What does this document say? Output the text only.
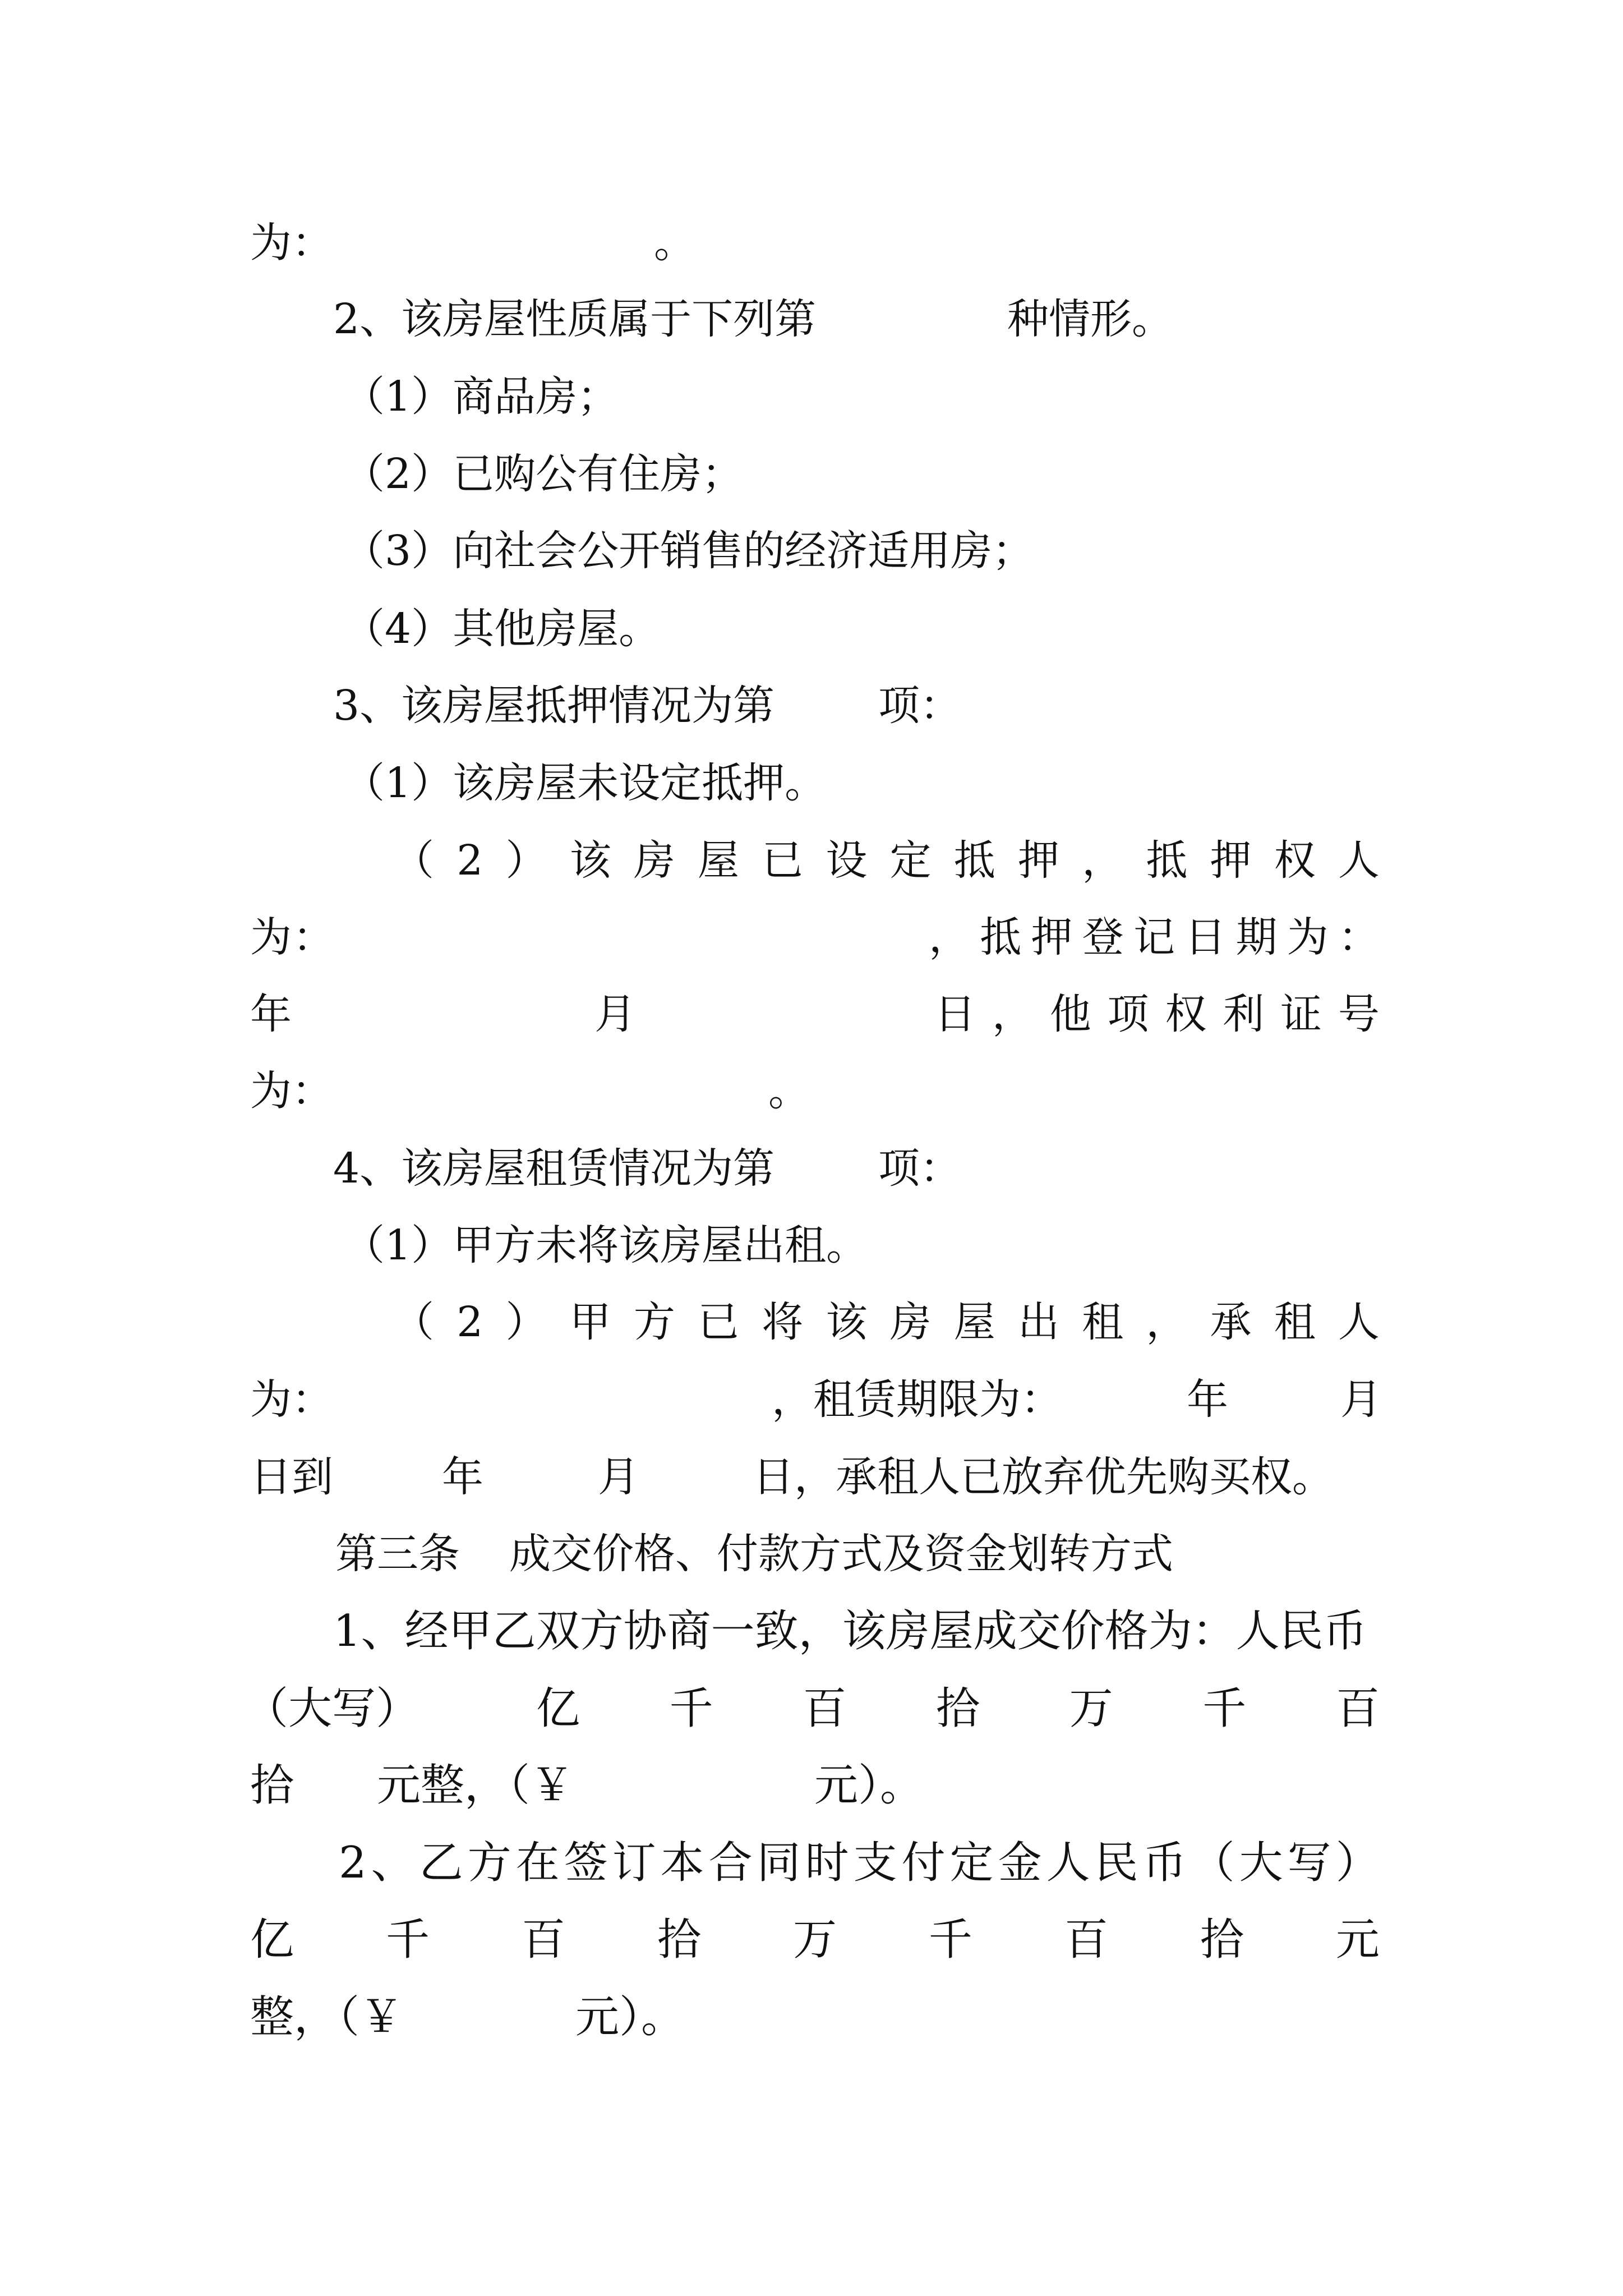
为：	。
2、该房屋性质属于下列第	种情形。
（1）商品房；
（2）已购公有住房；
（3）向社会公开销售的经济适用房；
（4）其他房屋。
3、该房屋抵押情况为第 项：
（1）该房屋未设定抵押。
（ 2 ） 该 房 屋 已 设 定 抵 押 ， 抵 押 权 人
为 ：	， 抵 押 登 记 日 期 为 ：
年	月	日 ， 他 项 权 利 证 号
为：	。
4、该房屋租赁情况为第 项：
（1）甲方未将该房屋出租。
（ 2 ） 甲 方 已 将 该 房 屋 出 租 ， 承 租 人
为：	，租赁期限为：	年	月
日到	年	月	日，承租人已放弃优先购买权。
第三条 成交价格、付款方式及资金划转方式
1、经甲乙双方协商一致，该房屋成交价格为：人民币
（大写）	亿 千 百 拾 万 千 百
拾 元整，（￥	元）。
2、乙方在签订本合同时支付定金人民币（大写）
亿 千 百 拾 万 千 百 拾 元
整，（￥	元）。
